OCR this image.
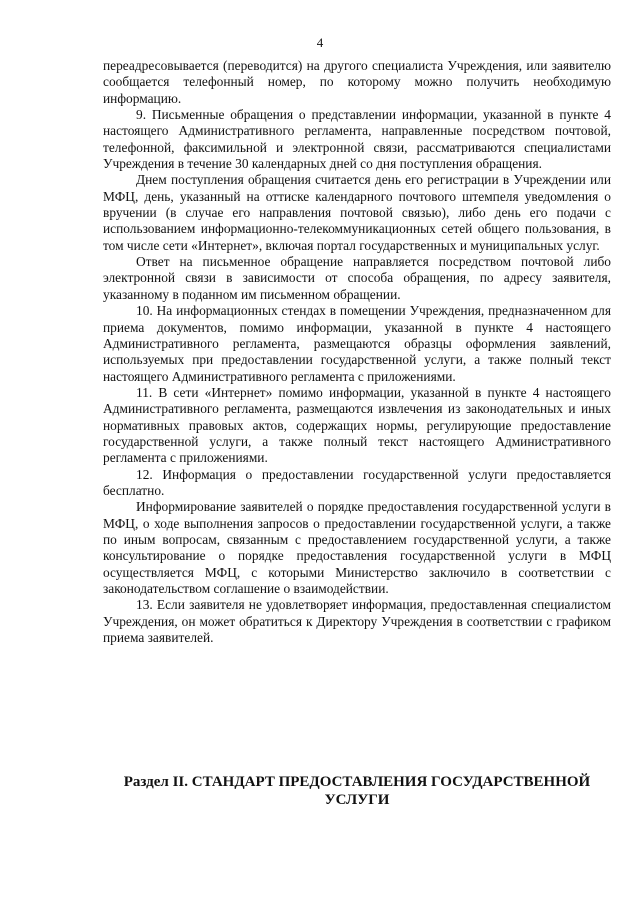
4

переадресовывается (переводится) на другого специалиста Учреждения, или заявителю сообщается телефонный номер, по которому можно получить необходимую информацию.

9. Письменные обращения о представлении информации, указанной в пункте 4 настоящего Административного регламента, направленные посредством почтовой, телефонной, факсимильной и электронной связи, рассматриваются специалистами Учреждения в течение 30 календарных дней со дня поступления обращения.

Днем поступления обращения считается день его регистрации в Учреждении или МФЦ, день, указанный на оттиске календарного почтового штемпеля уведомления о вручении (в случае его направления почтовой связью), либо день его подачи с использованием информационно-телекоммуникационных сетей общего пользования, в том числе сети «Интернет», включая портал государственных и муниципальных услуг.

Ответ на письменное обращение направляется посредством почтовой либо электронной связи в зависимости от способа обращения, по адресу заявителя, указанному в поданном им письменном обращении.

10. На информационных стендах в помещении Учреждения, предназначенном для приема документов, помимо информации, указанной в пункте 4 настоящего Административного регламента, размещаются образцы оформления заявлений, используемых при предоставлении государственной услуги, а также полный текст настоящего Административного регламента с приложениями.

11. В сети «Интернет» помимо информации, указанной в пункте 4 настоящего Административного регламента, размещаются извлечения из законодательных и иных нормативных правовых актов, содержащих нормы, регулирующие предоставление государственной услуги, а также полный текст настоящего Административного регламента с приложениями.

12. Информация о предоставлении государственной услуги предоставляется бесплатно.

Информирование заявителей о порядке предоставления государственной услуги в МФЦ, о ходе выполнения запросов о предоставлении государственной услуги, а также по иным вопросам, связанным с предоставлением государственной услуги, а также консультирование о порядке предоставления государственной услуги в МФЦ осуществляется МФЦ, с которыми Министерство заключило в соответствии с законодательством соглашение о взаимодействии.

13. Если заявителя не удовлетворяет информация, предоставленная специалистом Учреждения, он может обратиться к Директору Учреждения в соответствии с графиком приема заявителей.

Раздел II. СТАНДАРТ ПРЕДОСТАВЛЕНИЯ ГОСУДАРСТВЕННОЙ
УСЛУГИ
